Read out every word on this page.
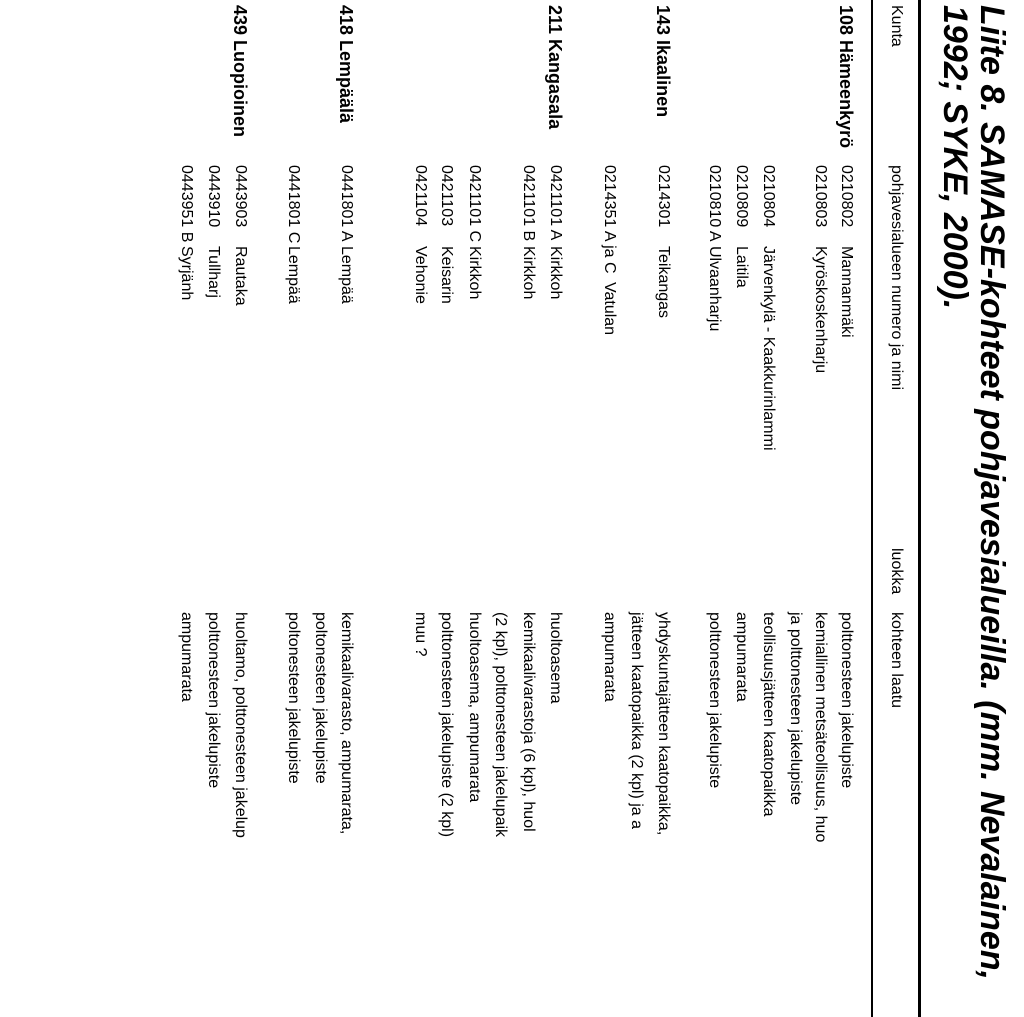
Liite 8. SAMASE-kohteet pohjavesialueilla. (mm. Nevalainen,
1992; SYKE, 2000).
Kunta
pohjavesialueen numero ja nimi
luokka
kohteen laatu
108 Hämeenkyrö
0210802
Mannanmäki
polttonesteen jakelupiste
0210803
Kyröskoskenharju
kemiallinen metsäteollisuus, huo
ja polttonesteen jakelupiste
0210804
Järvenkylä - Kaakkurinlammi
teollisuusjätteen kaatopaikka
0210809
Laitila
ampumarata
0210810 A
Ulvaanharju
polttonesteen jakelupiste
143 Ikaalinen
0214301
Teikangas
yhdyskuntajätteen kaatopaikka,
jätteen kaatopaikka (2 kpl) ja a
0214351 A ja C
Vatulan
ampumarata
211 Kangasala
0421101 A
Kirkkoh
huoltoasema
0421101 B
Kirkkoh
kemikaalivarastoja (6 kpl), huol
(2 kpl), polttonesteen jakelupaik
0421101 C
Kirkkoh
huoltoasema, ampumarata
0421103
Keisarin
polttonesteen jakelupiste (2 kpl)
0421104
Vehonie
muu ?
418 Lempäälä
0441801 A
Lempää
kemikaalivarasto, ampumarata,
poltonesteen jakelupiste
0441801 C
Lempää
poltonesteen jakelupiste
439 Luopioinen
0443903
Rautaka
huoltamo, polttonesteen jakelup
0443910
Tullharj
polttonesteen jakelupiste
0443951 B
Syrjänh
ampumarata
